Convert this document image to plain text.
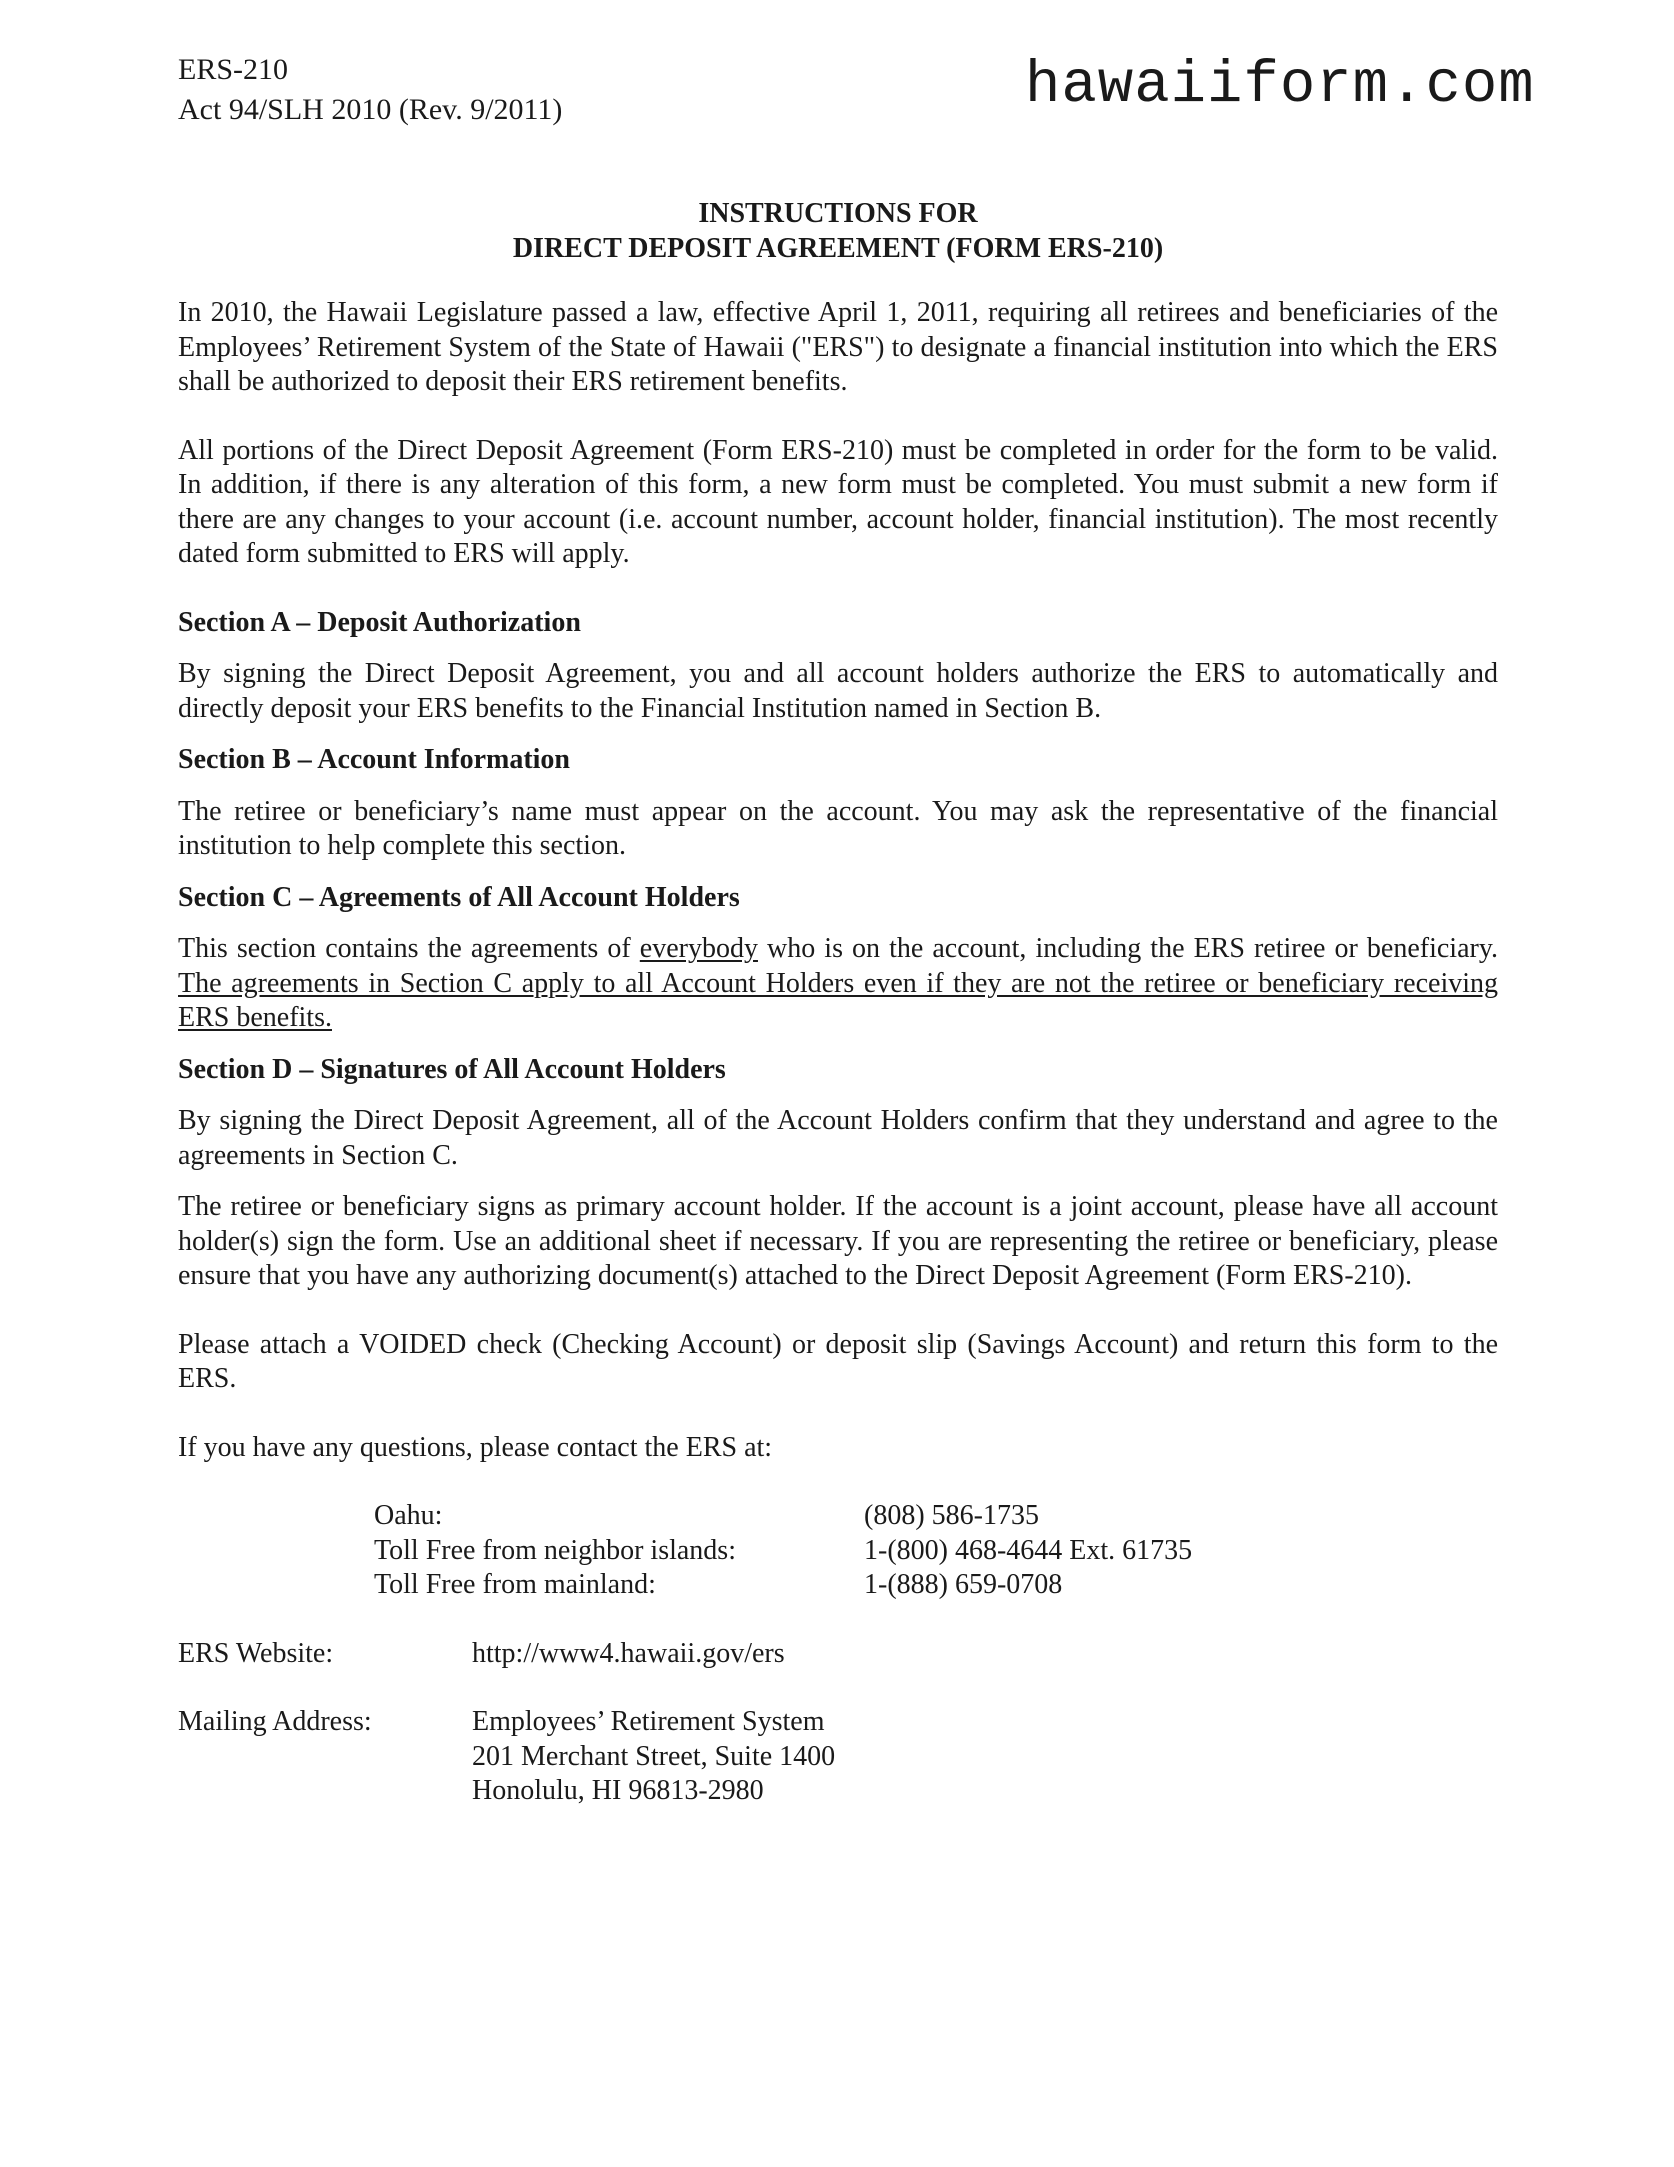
ERS-210
Act 94/SLH 2010 (Rev. 9/2011)	hawaiiform.com
INSTRUCTIONS FOR
DIRECT DEPOSIT AGREEMENT (FORM ERS-210)

In 2010, the Hawaii Legislature passed a law, effective April 1, 2011, requiring all retirees and beneficiaries of the Employees’ Retirement System of the State of Hawaii ("ERS") to designate a financial institution into which the ERS shall be authorized to deposit their ERS retirement benefits.

All portions of the Direct Deposit Agreement (Form ERS-210) must be completed in order for the form to be valid. In addition, if there is any alteration of this form, a new form must be completed. You must submit a new form if there are any changes to your account (i.e. account number, account holder, financial institution). The most recently dated form submitted to ERS will apply.

Section A – Deposit Authorization

By signing the Direct Deposit Agreement, you and all account holders authorize the ERS to automatically and directly deposit your ERS benefits to the Financial Institution named in Section B.

Section B – Account Information

The retiree or beneficiary’s name must appear on the account. You may ask the representative of the financial institution to help complete this section.

Section C – Agreements of All Account Holders

This section contains the agreements of everybody who is on the account, including the ERS retiree or beneficiary. The agreements in Section C apply to all Account Holders even if they are not the retiree or beneficiary receiving ERS benefits.

Section D – Signatures of All Account Holders

By signing the Direct Deposit Agreement, all of the Account Holders confirm that they understand and agree to the agreements in Section C.

The retiree or beneficiary signs as primary account holder. If the account is a joint account, please have all account holder(s) sign the form. Use an additional sheet if necessary. If you are representing the retiree or beneficiary, please ensure that you have any authorizing document(s) attached to the Direct Deposit Agreement (Form ERS-210).

Please attach a VOIDED check (Checking Account) or deposit slip (Savings Account) and return this form to the ERS.

If you have any questions, please contact the ERS at:

Oahu:	(808) 586-1735
Toll Free from neighbor islands:	1-(800) 468-4644 Ext. 61735
Toll Free from mainland:	1-(888) 659-0708
ERS Website:	http://www4.hawaii.gov/ers
Mailing Address:	Employees’ Retirement System
201 Merchant Street, Suite 1400
Honolulu, HI 96813-2980
